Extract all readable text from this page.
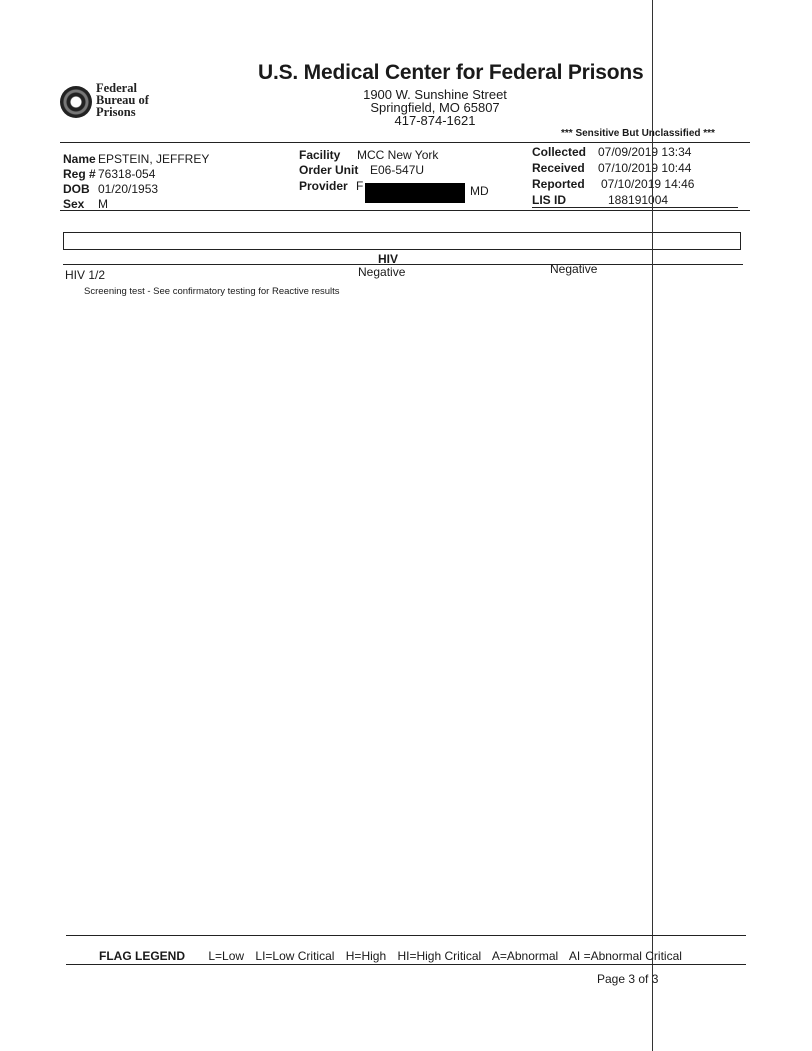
Federal
Bureau of
Prisons
U.S. Medical Center for Federal Prisons
1900 W. Sunshine Street
Springfield, MO 65807
417-874-1621
*** Sensitive But Unclassified ***
Name EPSTEIN, JEFFREY
Reg # 76318-054
DOB 01/20/1953
Sex M
Facility MCC New York
Order Unit E06-547U
Provider F	MD
Collected 07/09/2019 13:34
Received 07/10/2019 10:44
Reported 07/10/2019 14:46
LIS ID	188191004
HIV
HIV 1/2	Negative	Negative
Screening test - See confirmatory testing for Reactive results
FLAG LEGEND L=Low LI=Low Critical H=High HI=High Critical A=Abnormal AI =Abnormal Critical
Page 3 of 3
